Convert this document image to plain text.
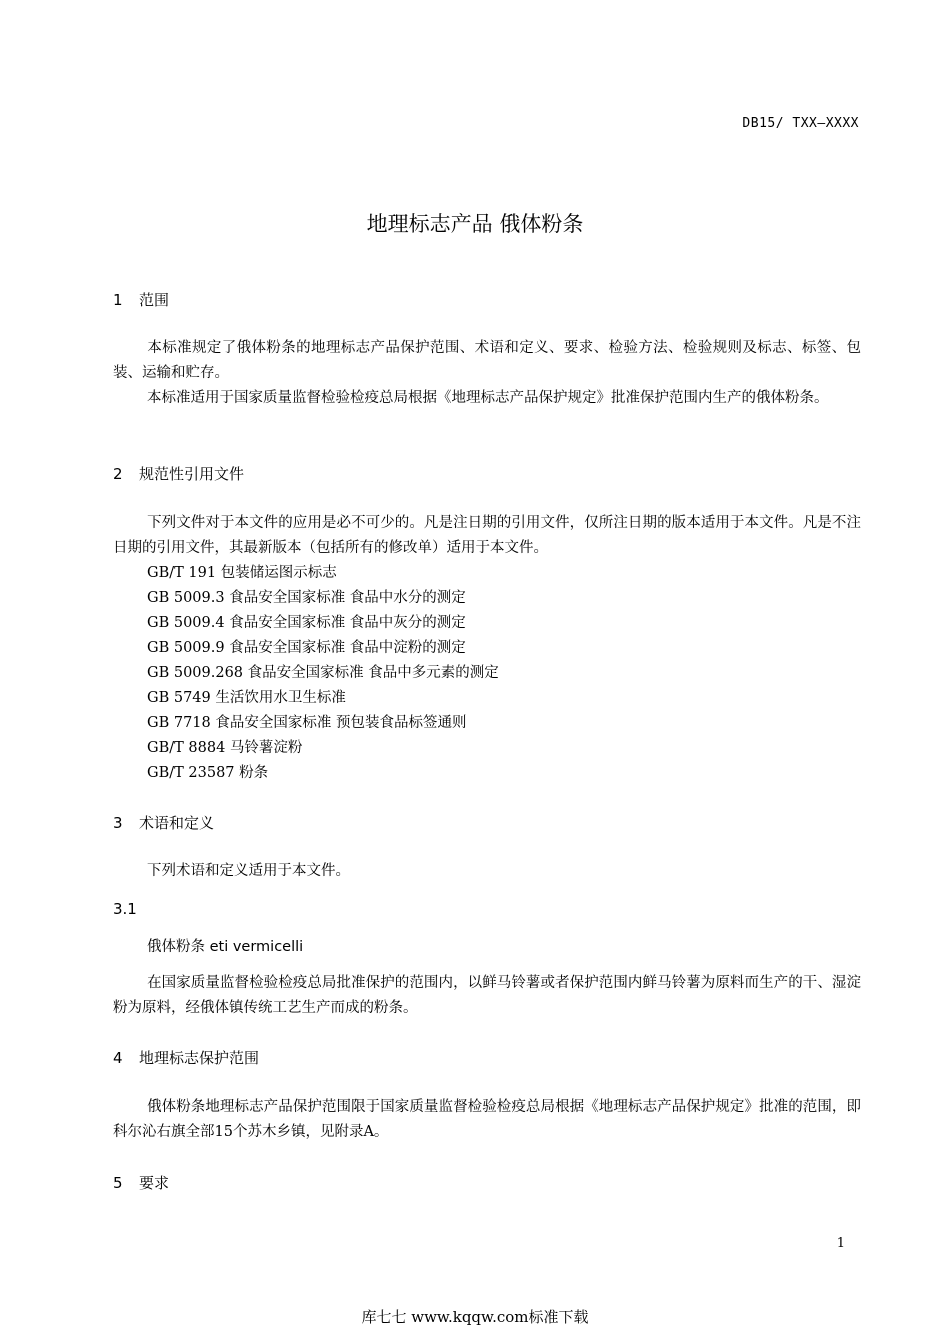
DB15/ TXX—XXXX
地理标志产品 俄体粉条
1 范围
本标准规定了俄体粉条的地理标志产品保护范围、术语和定义、要求、检验方法、检验规则及标志、标签、包装、运输和贮存。
本标准适用于国家质量监督检验检疫总局根据《地理标志产品保护规定》批准保护范围内生产的俄体粉条。
2 规范性引用文件
下列文件对于本文件的应用是必不可少的。凡是注日期的引用文件，仅所注日期的版本适用于本文件。凡是不注日期的引用文件，其最新版本（包括所有的修改单）适用于本文件。
GB/T 191 包装储运图示标志
GB 5009.3 食品安全国家标准 食品中水分的测定
GB 5009.4 食品安全国家标准 食品中灰分的测定
GB 5009.9 食品安全国家标准 食品中淀粉的测定
GB 5009.268 食品安全国家标准 食品中多元素的测定
GB 5749 生活饮用水卫生标准
GB 7718 食品安全国家标准 预包装食品标签通则
GB/T 8884 马铃薯淀粉
GB/T 23587 粉条
3 术语和定义
下列术语和定义适用于本文件。
3.1
俄体粉条 eti vermicelli
在国家质量监督检验检疫总局批准保护的范围内，以鲜马铃薯或者保护范围内鲜马铃薯为原料而生产的干、湿淀粉为原料，经俄体镇传统工艺生产而成的粉条。
4 地理标志保护范围
俄体粉条地理标志产品保护范围限于国家质量监督检验检疫总局根据《地理标志产品保护规定》批准的范围，即科尔沁右旗全部15个苏木乡镇，见附录A。
5 要求
1
库七七 www.kqqw.com标准下载
